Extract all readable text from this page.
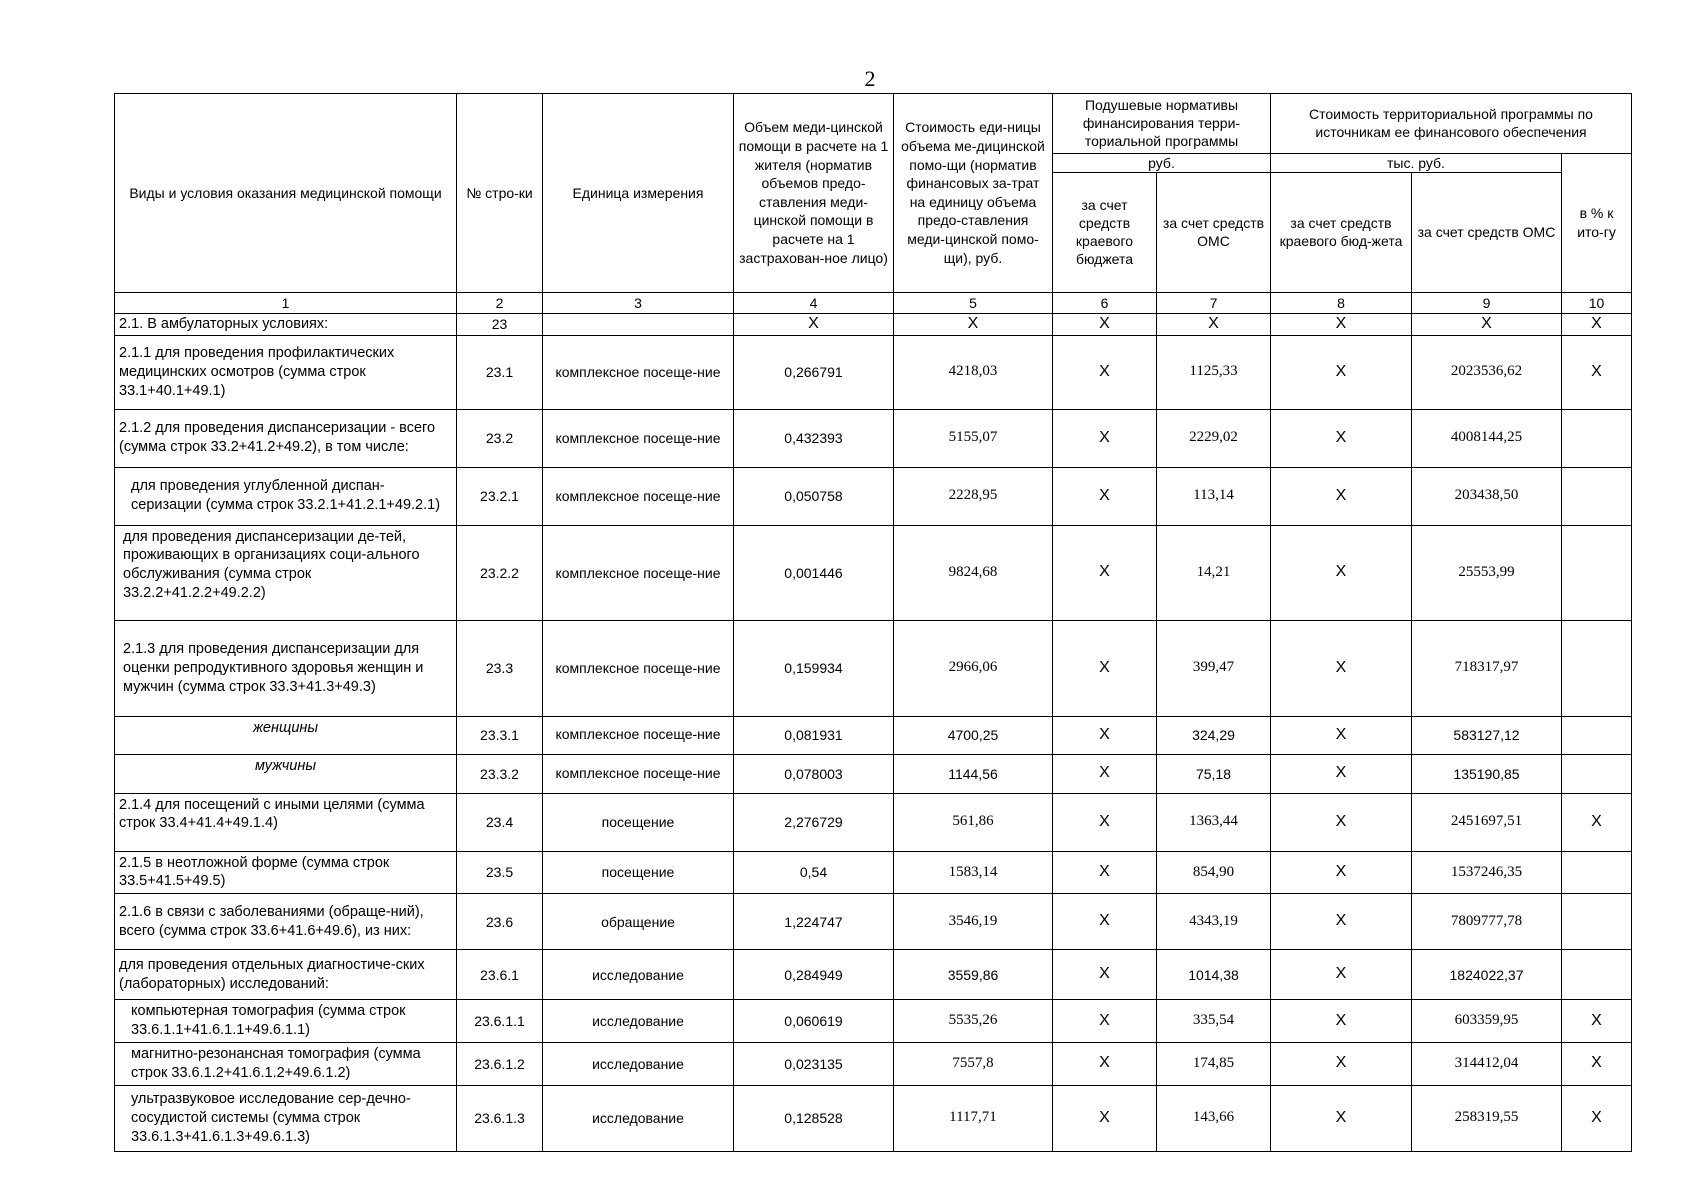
2
Виды и условия оказания медицинской помощи	№ стро-ки	Единица измерения	Объем меди-цинской помощи в расчете на 1 жителя (норматив объемов предо-ставления меди-цинской помощи в расчете на 1 застрахован-ное лицо)	Стоимость еди-ницы объема ме-дицинской помо-щи (норматив финансовых за-трат на единицу объема предо-ставления меди-цинской помо-щи), руб.	Подушевые нормативы финансирования терри-ториальной программы		Стоимость территориальной программы по источникам ее финансового обеспечения		
					руб.		тыс. руб.		в % к ито-гу
					за счет средств краевого бюджета	за счет средств ОМС	за счет средств краевого бюд-жета	за счет средств ОМС	
1	2	3	4	5	6	7	8	9	10
2.1. В амбулаторных условиях:	23		X	X	X	X	X	X	X
2.1.1 для проведения профилактических медицинских осмотров (сумма строк 33.1+40.1+49.1)	23.1	комплексное посеще-ние	0,266791	4218,03	X	1125,33	X	2023536,62	X
2.1.2 для проведения диспансеризации - всего (сумма строк 33.2+41.2+49.2), в том числе:	23.2	комплексное посеще-ние	0,432393	5155,07	X	2229,02	X	4008144,25	
для проведения углубленной диспан-серизации (сумма строк 33.2.1+41.2.1+49.2.1)	23.2.1	комплексное посеще-ние	0,050758	2228,95	X	113,14	X	203438,50	
для проведения диспансеризации де-тей, проживающих в организациях соци-ального обслуживания (сумма строк 33.2.2+41.2.2+49.2.2)	23.2.2	комплексное посеще-ние	0,001446	9824,68	X	14,21	X	25553,99	
2.1.3 для проведения диспансеризации для оценки репродуктивного здоровья женщин и мужчин (сумма строк 33.3+41.3+49.3)	23.3	комплексное посеще-ние	0,159934	2966,06	X	399,47	X	718317,97	
женщины	23.3.1	комплексное посеще-ние	0,081931	4700,25	X	324,29	X	583127,12	
мужчины	23.3.2	комплексное посеще-ние	0,078003	1144,56	X	75,18	X	135190,85	
2.1.4 для посещений с иными целями (сумма строк 33.4+41.4+49.1.4)	23.4	посещение	2,276729	561,86	X	1363,44	X	2451697,51	X
2.1.5 в неотложной форме (сумма строк 33.5+41.5+49.5)	23.5	посещение	0,54	1583,14	X	854,90	X	1537246,35	
2.1.6 в связи с заболеваниями (обраще-ний), всего (сумма строк 33.6+41.6+49.6), из них:	23.6	обращение	1,224747	3546,19	X	4343,19	X	7809777,78	
для проведения отдельных диагностиче-ских (лабораторных) исследований:	23.6.1	исследование	0,284949	3559,86	X	1014,38	X	1824022,37	
компьютерная томография (сумма строк 33.6.1.1+41.6.1.1+49.6.1.1)	23.6.1.1	исследование	0,060619	5535,26	X	335,54	X	603359,95	X
магнитно-резонансная томография (сумма строк 33.6.1.2+41.6.1.2+49.6.1.2)	23.6.1.2	исследование	0,023135	7557,8	X	174,85	X	314412,04	X
ультразвуковое исследование сер-дечно-сосудистой системы (сумма строк 33.6.1.3+41.6.1.3+49.6.1.3)	23.6.1.3	исследование	0,128528	1117,71	X	143,66	X	258319,55	X
